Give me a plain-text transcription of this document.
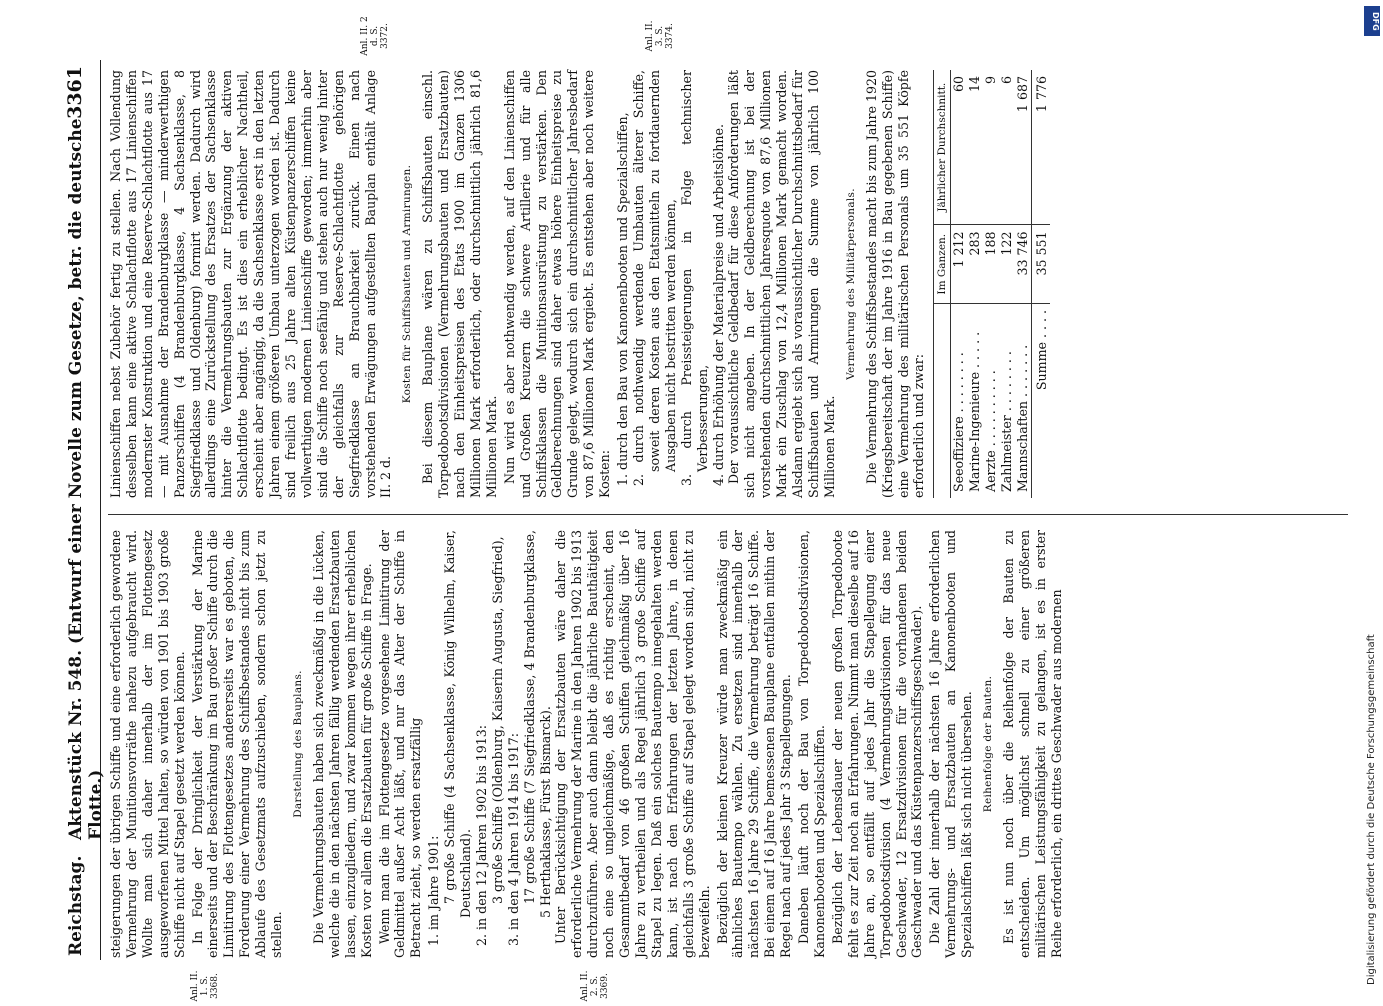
Reichstag.
Aktenstück Nr. 548. (Entwurf einer Novelle zum Gesetze, betr. die deutsche Flotte.)
3361
Anl. II. 1. S. 3368.	Anl. II. 2. S. 3369.
Anl. II. 2 d. S. 3372.	Anl. II. 3. S. 3374.

steigerungen der übrigen Schiffe und eine erforderlich gewordene Vermehrung der Munitionsvorräthe nahezu aufgebraucht wird. Wollte man sich daher innerhalb der im Flottengesetz ausgeworfenen Mittel halten, so würden von 1901 bis 1903 große Schiffe nicht auf Stapel gesetzt werden können. In Folge der Dringlichkeit der Verstärkung der Marine einerseits und der Beschränkung im Bau großer Schiffe durch die Limitirung des Flottengesetzes andererseits war es geboten, die Forderung einer Vermehrung des Schiffsbestandes nicht bis zum Ablaufe des Gesetzmats aufzuschieben, sondern schon jetzt zu stellen.

Darstellung des Bauplans. Die Vermehrungsbauten haben sich zweckmäßig in die Lücken, welche die in den nächsten Jahren fällig werdenden Ersatzbauten lassen, einzugliedern, und zwar kommen wegen ihrer erheblichen Kosten vor allem die Ersatzbauten für große Schiffe in Frage. Wenn man die im Flottengesetze vorgesehene Limitirung der Geldmittel außer Acht läßt, und nur das Alter der Schiffe in Betracht zieht, so werden ersatzfällig 1. im Jahre 1901: 7 große Schiffe (4 Sachsenklasse, König Wilhelm, Kaiser, Deutschland). 2. in den 12 Jahren 1902 bis 1913: 3 große Schiffe (Oldenburg, Kaiserin Augusta, Siegfried), 3. in den 4 Jahren 1914 bis 1917: 17 große Schiffe (7 Siegfriedklasse, 4 Brandenburgklasse, 5 Herthaklasse, Fürst Bismarck). Unter Berücksichtigung der Ersatzbauten wäre daher die erforderliche Vermehrung der Marine in den Jahren 1902 bis 1913 durchzuführen. Aber auch dann bleibt die jährliche Bauthätigkeit noch eine so ungleichmäßige, daß es richtig erscheint, den Gesammtbedarf von 46 großen Schiffen gleichmäßig über 16 Jahre zu vertheilen und als Regel jährlich 3 große Schiffe auf Stapel zu legen. Daß ein solches Bautempo innegehalten werden kann, ist nach den Erfahrungen der letzten Jahre, in denen gleichfalls 3 große Schiffe auf Stapel gelegt worden sind, nicht zu bezweifeln. Bezüglich der kleinen Kreuzer würde man zweckmäßig ein ähnliches Bautempo wählen. Zu ersetzen sind innerhalb der nächsten 16 Jahre 29 Schiffe, die Vermehrung beträgt 16 Schiffe. Bei einem auf 16 Jahre bemessenen Bauplane entfallen mithin der Regel nach auf jedes Jahr 3 Stapellegungen. Daneben läuft noch der Bau von Torpedobootsdivisionen, Kanonenbooten und Spezialschiffen. Bezüglich der Lebensdauer der neuen großen Torpedoboote fehlt es zur Zeit noch an Erfahrungen. Nimmt man dieselbe auf 16 Jahre an, so entfällt auf jedes Jahr die Stapellegung einer Torpedobootsdivision (4 Vermehrungsdivisionen für das neue Geschwader, 12 Ersatzdivisionen für die vorhandenen beiden Geschwader und das Küstenpanzerschiffsgeschwader). Die Zahl der innerhalb der nächsten 16 Jahre erforderlichen Vermehrungs- und Ersatzbauten an Kanonenbooten und Spezialschiffen läßt sich nicht übersehen. Reihenfolge der Bauten. Es ist nun noch über die Reihenfolge der Bauten zu entscheiden. Um möglichst schnell zu einer größeren militärischen Leistungsfähigkeit zu gelangen, ist es in erster Reihe erforderlich, ein drittes Geschwader aus modernen

Linienschiffen nebst Zubehör fertig zu stellen. Nach Vollendung desselben kann eine aktive Schlachtflotte aus 17 Linienschiffen modernster Konstruktion und eine Reserve-Schlachtflotte aus 17 — mit Ausnahme der Brandenburgklasse — minderwerthigen Panzerschiffen (4 Brandenburgklasse, 4 Sachsenklasse, 8 Siegfriedklasse und Oldenburg) formirt werden. Dadurch wird allerdings eine Zurückstellung des Ersatzes der Sachsenklasse hinter die Vermehrungsbauten zur Ergänzung der aktiven Schlachtflotte bedingt. Es ist dies ein erheblicher Nachtheil, erscheint aber angängig, da die Sachsenklasse erst in den letzten Jahren einem größeren Umbau unterzogen worden ist. Dadurch sind freilich aus 25 Jahre alten Küstenpanzerschiffen keine vollwerthigen modernen Linienschiffe geworden; immerhin aber sind die Schiffe noch seefähig und stehen auch nur wenig hinter der gleichfalls zur Reserve-Schlachtflotte gehörigen Siegfriedklasse an Brauchbarkeit zurück. Einen nach vorstehenden Erwägungen aufgestellten Bauplan enthält Anlage II. 2 d.

Kosten für Schiffsbauten und Armirungen. Bei diesem Bauplane wären zu Schiffsbauten einschl. Torpedobootsdivisionen (Vermehrungsbauten und Ersatzbauten) nach den Einheitspreisen des Etats 1900 im Ganzen 1306 Millionen Mark erforderlich, oder durchschnittlich jährlich 81,6 Millionen Mark. Nun wird es aber nothwendig werden, auf den Linienschiffen und Großen Kreuzern die schwere Artillerie und für alle Schiffsklassen die Munitionsausrüstung zu verstärken. Den Geldberechnungen sind daher etwas höhere Einheitspreise zu Grunde gelegt, wodurch sich ein durchschnittlicher Jahresbedarf von 87,6 Millionen Mark ergiebt. Es entstehen aber noch weitere Kosten: 1. durch den Bau von Kanonenbooten und Spezialschiffen, 2. durch nothwendig werdende Umbauten älterer Schiffe, soweit deren Kosten aus den Etatsmitteln zu fortdauernden Ausgaben nicht bestritten werden können, 3. durch Preissteigerungen in Folge technischer Verbesserungen, 4. durch Erhöhung der Materialpreise und Arbeitslöhne. Der voraussichtliche Geldbedarf für diese Anforderungen läßt sich nicht angeben. In der Geldberechnung ist bei der vorstehenden durchschnittlichen Jahresquote von 87,6 Millionen Mark ein Zuschlag von 12,4 Millionen Mark gemacht worden. Alsdann ergiebt sich als voraussichtlicher Durchschnittsbedarf für Schiffsbauten und Armirungen die Summe von jährlich 100 Millionen Mark.

Vermehrung des Militärpersonals. Die Vermehrung des Schiffsbestandes macht bis zum Jahre 1920 (Kriegsbereitschaft der im Jahre 1916 in Bau gegebenen Schiffe) eine Vermehrung des militärischen Personals um 35 551 Köpfe erforderlich und zwar:

	Im Ganzen.	Jährlicher Durchschnitt.
Seeoffiziere . . . . . . . .	1 212	60
Marine-Ingenieure . . . . .	283	14
Aerzte . . . . . . . . . .	188	9
Zahlmeister . . . . . . . .	122	6
Mannschaften . . . . . . .	33 746	1 687
Summe . . . .	35 551	1 776
DFG
Digitalisierung gefördert durch die Deutsche Forschungsgemeinschaft
